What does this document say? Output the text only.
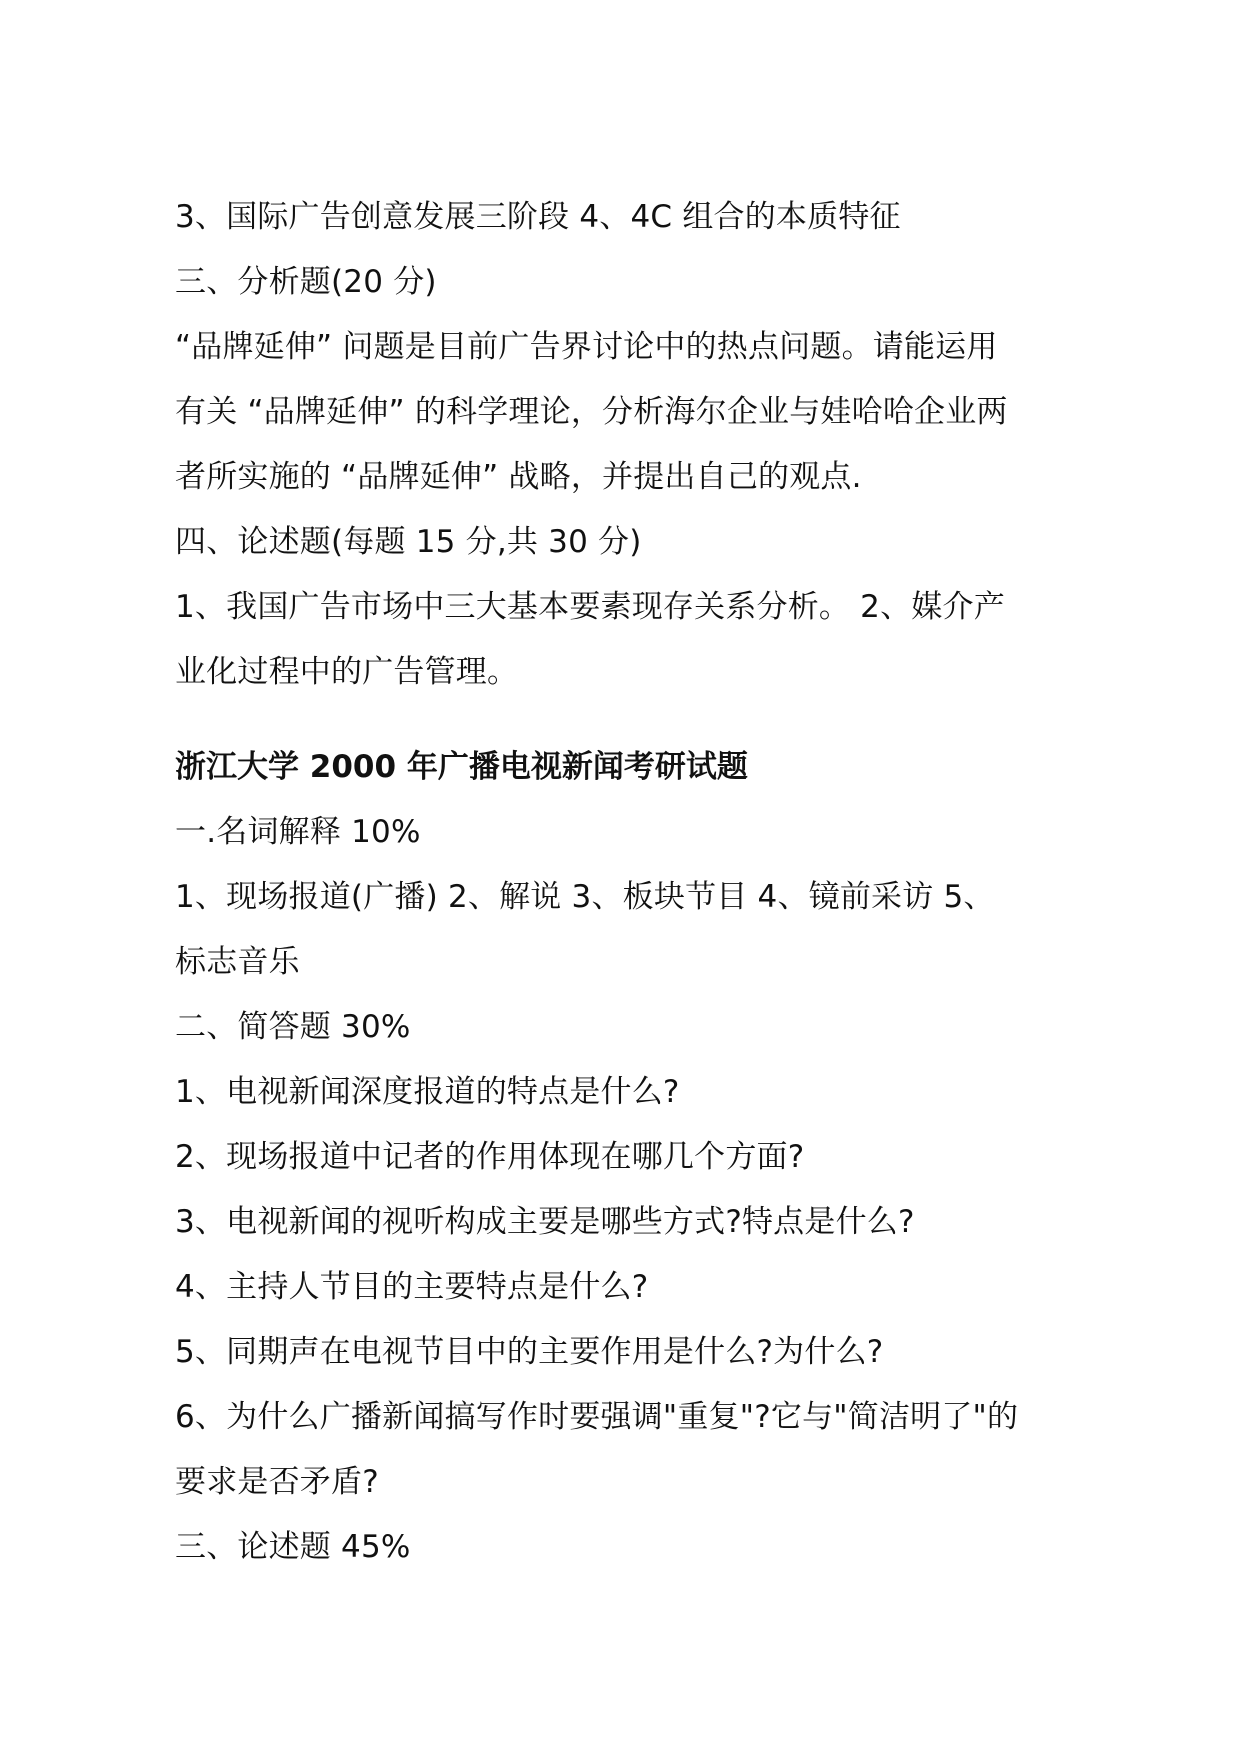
3、国际广告创意发展三阶段 4、4C 组合的本质特征
三、分析题(20 分)
“品牌延伸” 问题是目前广告界讨论中的热点问题。请能运用
有关 “品牌延伸” 的科学理论，分析海尔企业与娃哈哈企业两
者所实施的 “品牌延伸” 战略，并提出自己的观点.
四、论述题(每题 15 分,共 30 分)
1、我国广告市场中三大基本要素现存关系分析。 2、媒介产
业化过程中的广告管理。
浙江大学 2000 年广播电视新闻考研试题
一.名词解释 10%
1、现场报道(广播) 2、解说 3、板块节目 4、镜前采访 5、
标志音乐
二、简答题 30%
1、电视新闻深度报道的特点是什么?
2、现场报道中记者的作用体现在哪几个方面?
3、电视新闻的视听构成主要是哪些方式?特点是什么?
4、主持人节目的主要特点是什么?
5、同期声在电视节目中的主要作用是什么?为什么?
6、为什么广播新闻搞写作时要强调"重复"?它与"简洁明了"的
要求是否矛盾?
三、论述题 45%
